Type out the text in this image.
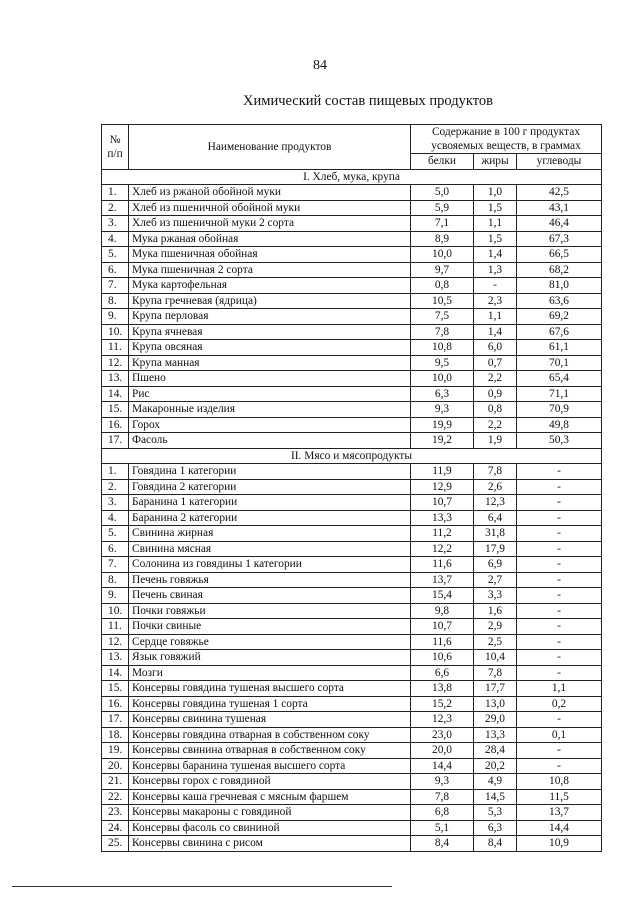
84
Химический состав пищевых продуктов
№ п/п	Наименование продуктов	Содержание в 100 г продуктах усвояемых веществ, в граммах		
		белки	жиры	углеводы
I. Хлеб, мука, крупа				
1.	Хлеб из ржаной обойной муки	5,0	1,0	42,5
2.	Хлеб из пшеничной обойной муки	5,9	1,5	43,1
3.	Хлеб из пшеничной муки 2 сорта	7,1	1,1	46,4
4.	Мука ржаная обойная	8,9	1,5	67,3
5.	Мука пшеничная обойная	10,0	1,4	66,5
6.	Мука пшеничная 2 сорта	9,7	1,3	68,2
7.	Мука картофельная	0,8	-	81,0
8.	Крупа гречневая (ядрица)	10,5	2,3	63,6
9.	Крупа перловая	7,5	1,1	69,2
10.	Крупа ячневая	7,8	1,4	67,6
11.	Крупа овсяная	10,8	6,0	61,1
12.	Крупа манная	9,5	0,7	70,1
13.	Пшено	10,0	2,2	65,4
14.	Рис	6,3	0,9	71,1
15.	Макаронные изделия	9,3	0,8	70,9
16.	Горох	19,9	2,2	49,8
17.	Фасоль	19,2	1,9	50,3
II. Мясо и мясопродукты				
1.	Говядина 1 категории	11,9	7,8	-
2.	Говядина 2 категории	12,9	2,6	-
3.	Баранина 1 категории	10,7	12,3	-
4.	Баранина 2 категории	13,3	6,4	-
5.	Свинина жирная	11,2	31,8	-
6.	Свинина мясная	12,2	17,9	-
7.	Солонина из говядины 1 категории	11,6	6,9	-
8.	Печень говяжья	13,7	2,7	-
9.	Печень свиная	15,4	3,3	-
10.	Почки говяжьи	9,8	1,6	-
11.	Почки свиные	10,7	2,9	-
12.	Сердце говяжье	11,6	2,5	-
13.	Язык говяжий	10,6	10,4	-
14.	Мозги	6,6	7,8	-
15.	Консервы говядина тушеная высшего сорта	13,8	17,7	1,1
16.	Консервы говядина тушеная 1 сорта	15,2	13,0	0,2
17.	Консервы свинина тушеная	12,3	29,0	-
18.	Консервы говядина отварная в собственном соку	23,0	13,3	0,1
19.	Консервы свинина отварная в собственном соку	20,0	28,4	-
20.	Консервы баранина тушеная высшего сорта	14,4	20,2	-
21.	Консервы горох с говядиной	9,3	4,9	10,8
22.	Консервы каша гречневая с мясным фаршем	7,8	14,5	11,5
23.	Консервы макароны с говядиной	6,8	5,3	13,7
24.	Консервы фасоль со свининой	5,1	6,3	14,4
25.	Консервы свинина с рисом	8,4	8,4	10,9
